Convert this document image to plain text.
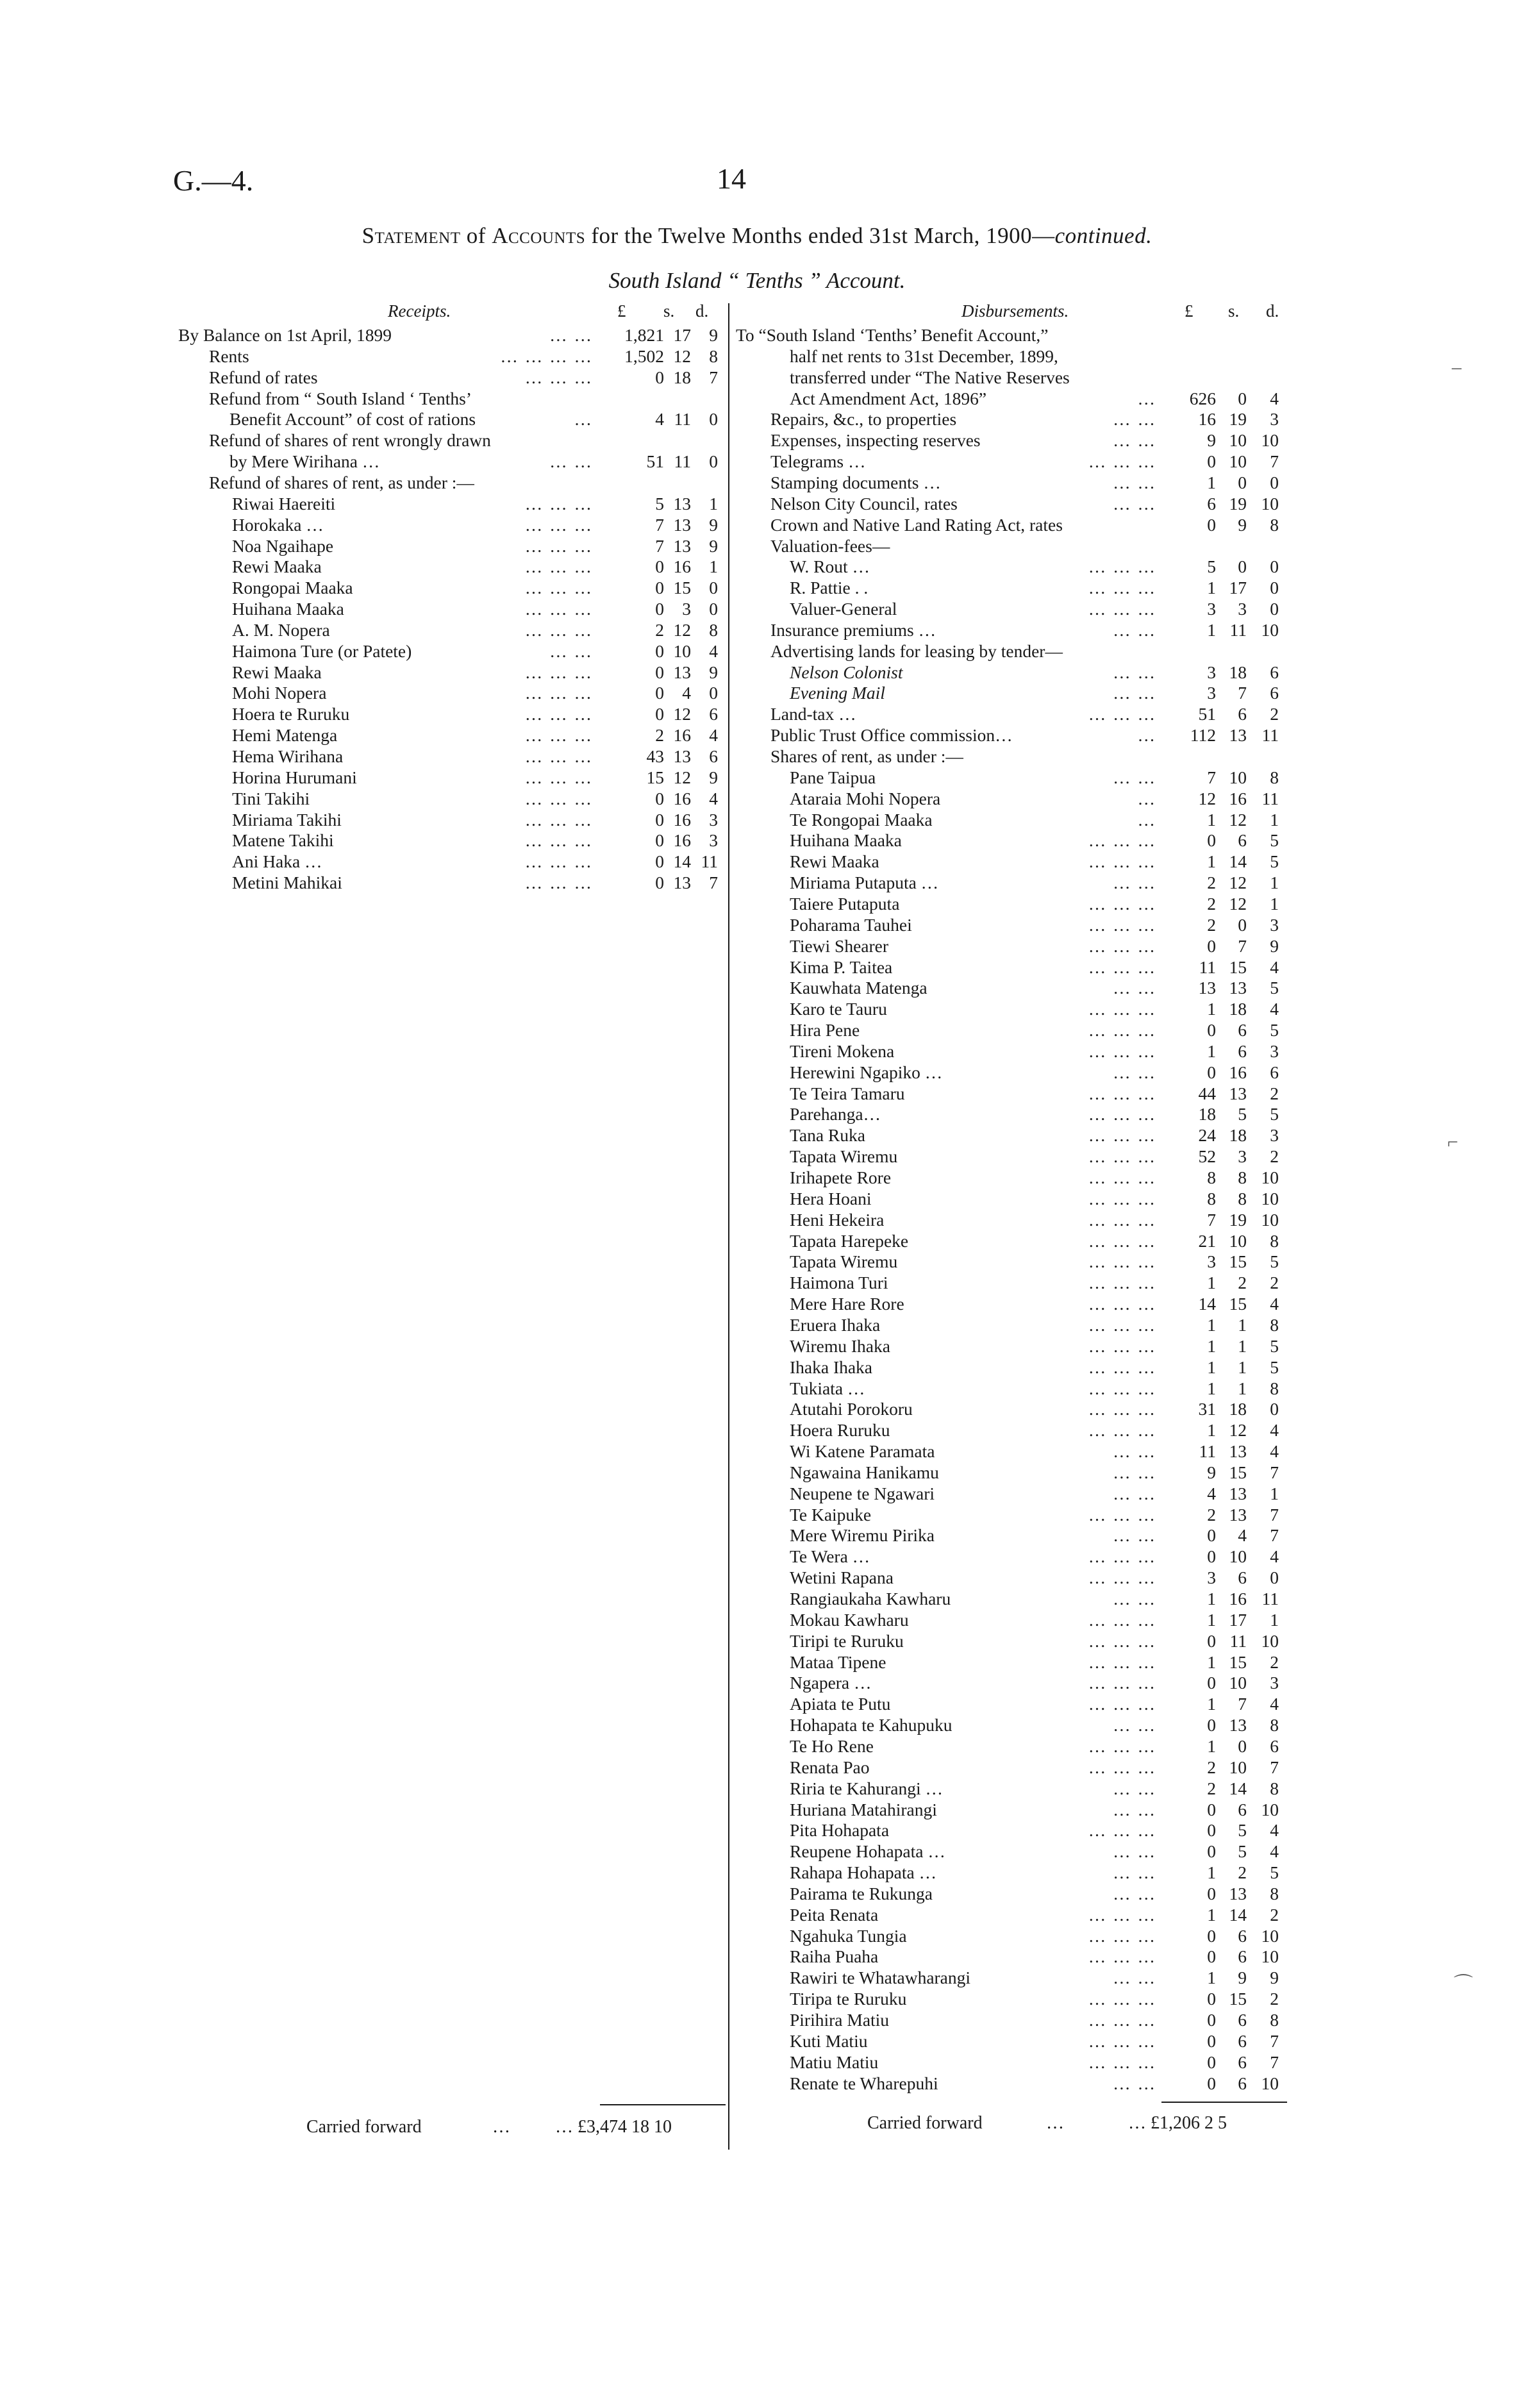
G.—4.	14
Statement of Accounts for the Twelve Months ended 31st March, 1900—continued.
South Island “ Tenths ” Account.
Receipts.	£ s. d.	Disbursements.	£ s. d.
By Balance on 1st April, 1899	… … 1,821 17 9
Rents	… … … … 1,502 12 8
Refund of rates	… … …	0 18 7
Refund from “ South Island ‘ Tenths’
Benefit Account” of cost of rations	…	4 11 0
Refund of shares of rent wrongly drawn
by Mere Wirihana …	… …	51 11 0
Refund of shares of rent, as under :—
Riwai Haereiti	… … …	5 13 1
Horokaka …	… … …	7 13 9
Noa Ngaihape	… … …	7 13 9
Rewi Maaka	… … …	0 16 1
Rongopai Maaka	… … …	0 15 0
Huihana Maaka	… … …	0 3 0
A. M. Nopera	… … …	2 12 8
Haimona Ture (or Patete)	… …	0 10 4
Rewi Maaka	… … …	0 13 9
Mohi Nopera	… … …	0 4 0
Hoera te Ruruku	… … …	0 12 6
Hemi Matenga	… … …	2 16 4
Hema Wirihana	… … …	43 13 6
Horina Hurumani	… … …	15 12 9
Tini Takihi	… … …	0 16 4
Miriama Takihi	… … …	0 16 3
Matene Takihi	… … …	0 16 3
Ani Haka …	… … …	0 14 11
Metini Mahikai	… … …	0 13 7
To “South Island ‘Tenths’ Benefit Account,”
half net rents to 31st December, 1899,
transferred under “The Native Reserves
Act Amendment Act, 1896”	… 626 0 4
Repairs, &c., to properties	… … 16 19 3
Expenses, inspecting reserves	… …	9 10 10
Telegrams …	… … …	0 10 7
Stamping documents …	… …	1 0 0
Nelson City Council, rates	… …	6 19 10
Crown and Native Land Rating Act, rates	0 9 8
Valuation-fees—
W. Rout …	… … …	5 0 0
R. Pattie . .	… … …	1 17 0
Valuer-General	… … …	3 3 0
Insurance premiums …	… …	1 11 10
Advertising lands for leasing by tender—
Nelson Colonist	… …	3 18 6
Evening Mail	… …	3 7 6
Land-tax …	… … … 51 6 2
Public Trust Office commission…	… 112 13 11
Shares of rent, as under :—
Pane Taipua	… …	7 10 8
Ataraia Mohi Nopera	… 12 16 11
Te Rongopai Maaka	…	1 12 1
Huihana Maaka	… … …	0 6 5
Rewi Maaka	… … …	1 14 5
Miriama Putaputa …	… …	2 12 1
Taiere Putaputa	… … …	2 12 1
Poharama Tauhei	… … …	2 0 3
Tiewi Shearer	… … …	0 7 9
Kima P. Taitea	… … … 11 15 4
Kauwhata Matenga	… … 13 13 5
Karo te Tauru	… … …	1 18 4
Hira Pene	… … …	0 6 5
Tireni Mokena	… … …	1 6 3
Herewini Ngapiko …	… …	0 16 6
Te Teira Tamaru	… … … 44 13 2
Parehanga…	… … … 18 5 5
Tana Ruka	… … … 24 18 3
Tapata Wiremu	… … … 52 3 2
Irihapete Rore	… … …	8 8 10
Hera Hoani	… … …	8 8 10
Heni Hekeira	… … …	7 19 10
Tapata Harepeke	… … … 21 10 8
Tapata Wiremu	… … …	3 15 5
Haimona Turi	… … …	1 2 2
Mere Hare Rore	… … … 14 15 4
Eruera Ihaka	… … …	1 1 8
Wiremu Ihaka	… … …	1 1 5
Ihaka Ihaka	… … …	1 1 5
Tukiata …	… … …	1 1 8
Atutahi Porokoru	… … … 31 18 0
Hoera Ruruku	… … …	1 12 4
Wi Katene Paramata	… … 11 13 4
Ngawaina Hanikamu	… …	9 15 7
Neupene te Ngawari	… …	4 13 1
Te Kaipuke	… … …	2 13 7
Mere Wiremu Pirika	… …	0 4 7
Te Wera …	… … …	0 10 4
Wetini Rapana	… … …	3 6 0
Rangiaukaha Kawharu	… …	1 16 11
Mokau Kawharu	… … …	1 17 1
Tiripi te Ruruku	… … …	0 11 10
Mataa Tipene	… … …	1 15 2
Ngapera …	… … …	0 10 3
Apiata te Putu	… … …	1 7 4
Hohapata te Kahupuku	… …	0 13 8
Te Ho Rene	… … …	1 0 6
Renata Pao	… … …	2 10 7
Riria te Kahurangi …	… …	2 14 8
Huriana Matahirangi	… …	0 6 10
Pita Hohapata	… … …	0 5 4
Reupene Hohapata …	… …	0 5 4
Rahapa Hohapata …	… …	1 2 5
Pairama te Rukunga	… …	0 13 8
Peita Renata	… … …	1 14 2
Ngahuka Tungia	… … …	0 6 10
Raiha Puaha	… … …	0 6 10
Rawiri te Whatawharangi	… …	1 9 9
Tiripa te Ruruku	… … …	0 15 2
Pirihira Matiu	… … …	0 6 8
Kuti Matiu	… … …	0 6 7
Matiu Matiu	… … …	0 6 7
Renate te Wharepuhi	… …	0 6 10
Carried forward	…	… £3,474 18 10	Carried forward	…	… £1,206 2 5
‒
⌐
⌒
